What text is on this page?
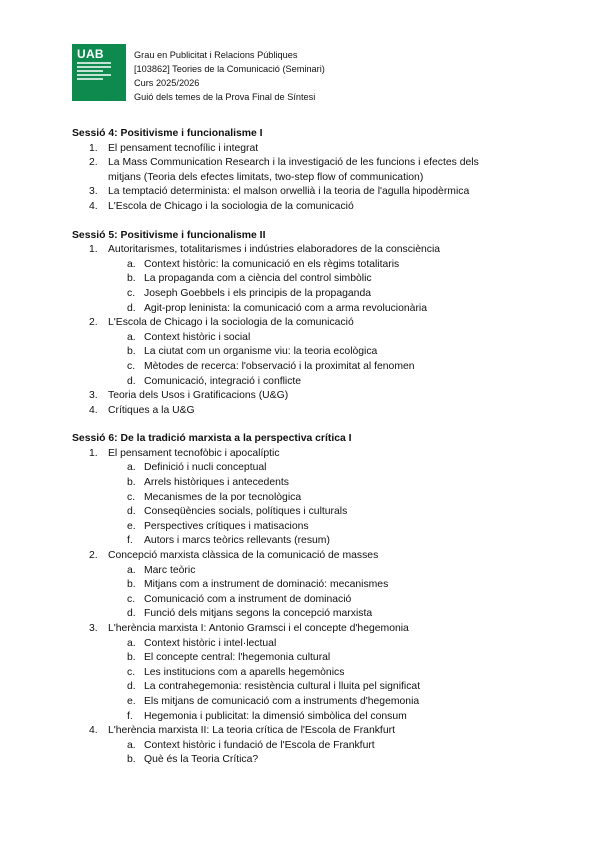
UAB	Grau en Publicitat i Relacions Públiques
[103862] Teories de la Comunicació (Seminari)
Curs 2025/2026
Guió dels temes de la Prova Final de Síntesi
Sessió 4: Positivisme i funcionalisme I
1. El pensament tecnofílic i integrat
2. La Mass Communication Research i la investigació de les funcions i efectes dels
mitjans (Teoria dels efectes limitats, two-step flow of communication)
3. La temptació determinista: el malson orwellià i la teoria de l'agulla hipodèrmica
4. L'Escola de Chicago i la sociologia de la comunicació
Sessió 5: Positivisme i funcionalisme II
1. Autoritarismes, totalitarismes i indústries elaboradores de la consciència
a. Context històric: la comunicació en els règims totalitaris
b. La propaganda com a ciència del control simbòlic
c. Joseph Goebbels i els principis de la propaganda
d. Agit-prop leninista: la comunicació com a arma revolucionària
2. L'Escola de Chicago i la sociologia de la comunicació
a. Context històric i social
b. La ciutat com un organisme viu: la teoria ecològica
c. Mètodes de recerca: l'observació i la proximitat al fenomen
d. Comunicació, integració i conflicte
3. Teoria dels Usos i Gratificacions (U&G)
4. Crítiques a la U&G
Sessió 6: De la tradició marxista a la perspectiva crítica I
1. El pensament tecnofòbic i apocalíptic
a. Definició i nucli conceptual
b. Arrels històriques i antecedents
c. Mecanismes de la por tecnològica
d. Conseqüències socials, polítiques i culturals
e. Perspectives crítiques i matisacions
f. Autors i marcs teòrics rellevants (resum)
2. Concepció marxista clàssica de la comunicació de masses
a. Marc teòric
b. Mitjans com a instrument de dominació: mecanismes
c. Comunicació com a instrument de dominació
d. Funció dels mitjans segons la concepció marxista
3. L'herència marxista I: Antonio Gramsci i el concepte d'hegemonia
a. Context històric i intel·lectual
b. El concepte central: l'hegemonia cultural
c. Les institucions com a aparells hegemònics
d. La contrahegemonia: resistència cultural i lluita pel significat
e. Els mitjans de comunicació com a instruments d'hegemonia
f. Hegemonia i publicitat: la dimensió simbòlica del consum
4. L'herència marxista II: La teoria crítica de l'Escola de Frankfurt
a. Context històric i fundació de l'Escola de Frankfurt
b. Què és la Teoria Crítica?
